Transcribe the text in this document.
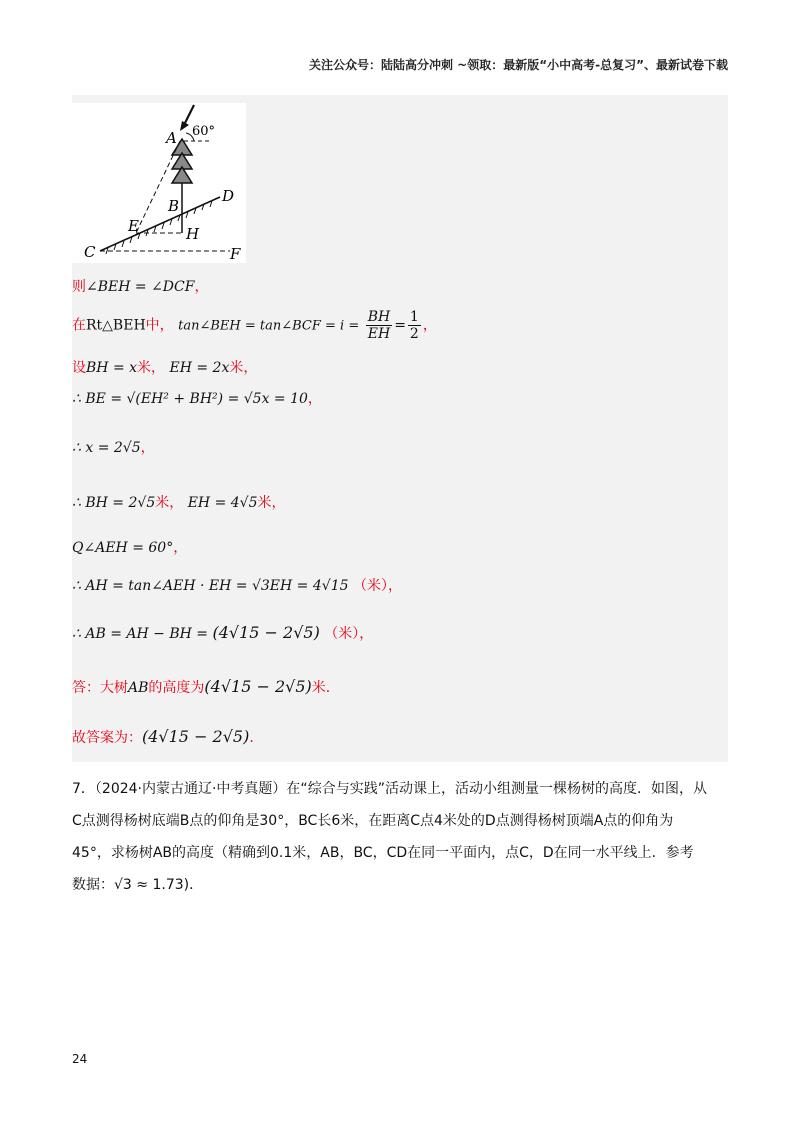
关注公众号：陆陆高分冲刺 ~领取：最新版“小中高考-总复习”、最新试卷下载
A 60°
B
D
E	H
C	F
则∠BEH = ∠DCF，
在Rt△BEH中， tan∠BEH = tan∠BCF = $i = \frac{BH}{EH} = \frac{1}{2}$ ，
设BH = x米， EH = 2x米，
∴ BE = √(EH² + BH²) = √5x = 10，
∴ x = 2√5，
∴ BH = 2√5米， EH = 4√5米，
Q∠AEH = 60°，
∴ AH = tan∠AEH · EH = √3EH = 4√15 （米），
∴ AB = AH − BH = (4√15 − 2√5) （米），
答：大树AB的高度为(4√15 − 2√5)米.
故答案为：(4√15 − 2√5).
7．（2024·内蒙古通辽·中考真题）在“综合与实践”活动课上，活动小组测量一棵杨树的高度．如图，从
C点测得杨树底端B点的仰角是30°，BC长6米，在距离C点4米处的D点测得杨树顶端A点的仰角为
45°，求杨树AB的高度（精确到0.1米，AB，BC，CD在同一平面内，点C，D在同一水平线上．参考
数据：√3 ≈ 1.73)．
24
